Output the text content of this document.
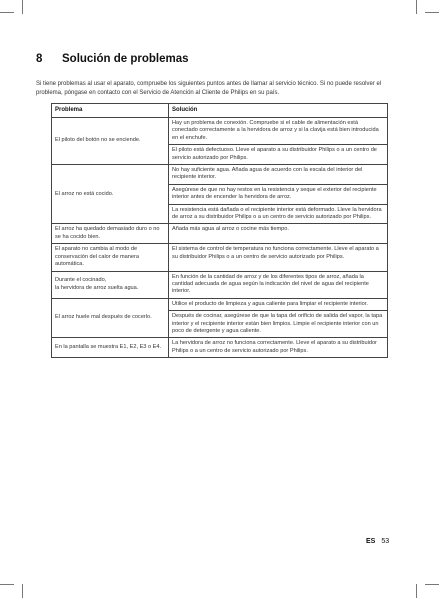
8 Solución de problemas
Si tiene problemas al usar el aparato, compruebe los siguientes puntos antes de llamar al servicio técnico. Si no puede resolver el problema, póngase en contacto con el Servicio de Atención al Cliente de Philips en su país.
Problema	Solución
El piloto del botón no se enciende.	Hay un problema de conexión. Compruebe si el cable de alimentación está conectado correctamente a la hervidora de arroz y si la clavija está bien introducida en el enchufe.
	El piloto está defectuoso. Lleve el aparato a su distribuidor Philips o a un centro de servicio autorizado por Philips.
El arroz no está cocido.	No hay suficiente agua. Añada agua de acuerdo con la escala del interior del recipiente interior.
	Asegúrese de que no hay restos en la resistencia y seque el exterior del recipiente interior antes de encender la hervidora de arroz.
	La resistencia está dañada o el recipiente interior está deformado. Lleve la hervidora de arroz a su distribuidor Philips o a un centro de servicio autorizado por Philips.
El arroz ha quedado demasiado duro o no se ha cocido bien.	Añada más agua al arroz o cocine más tiempo.
El aparato no cambia al modo de conservación del calor de manera automática.	El sistema de control de temperatura no funciona correctamente. Lleve el aparato a su distribuidor Philips o a un centro de servicio autorizado por Philips.
Durante el cocinado,
la hervidora de arroz suelta agua.	En función de la cantidad de arroz y de los diferentes tipos de arroz, añada la cantidad adecuada de agua según la indicación del nivel de agua del recipiente interior.
El arroz huele mal después de cocerlo.	Utilice el producto de limpieza y agua caliente para limpiar el recipiente interior.
	Después de cocinar, asegúrese de que la tapa del orificio de salida del vapor, la tapa interior y el recipiente interior están bien limpios. Limpie el recipiente interior con un poco de detergente y agua caliente.
En la pantalla se muestra E1, E2, E3 o E4.	La hervidora de arroz no funciona correctamente. Lleve el aparato a su distribuidor Philips o a un centro de servicio autorizado por Philips.
ES 53
